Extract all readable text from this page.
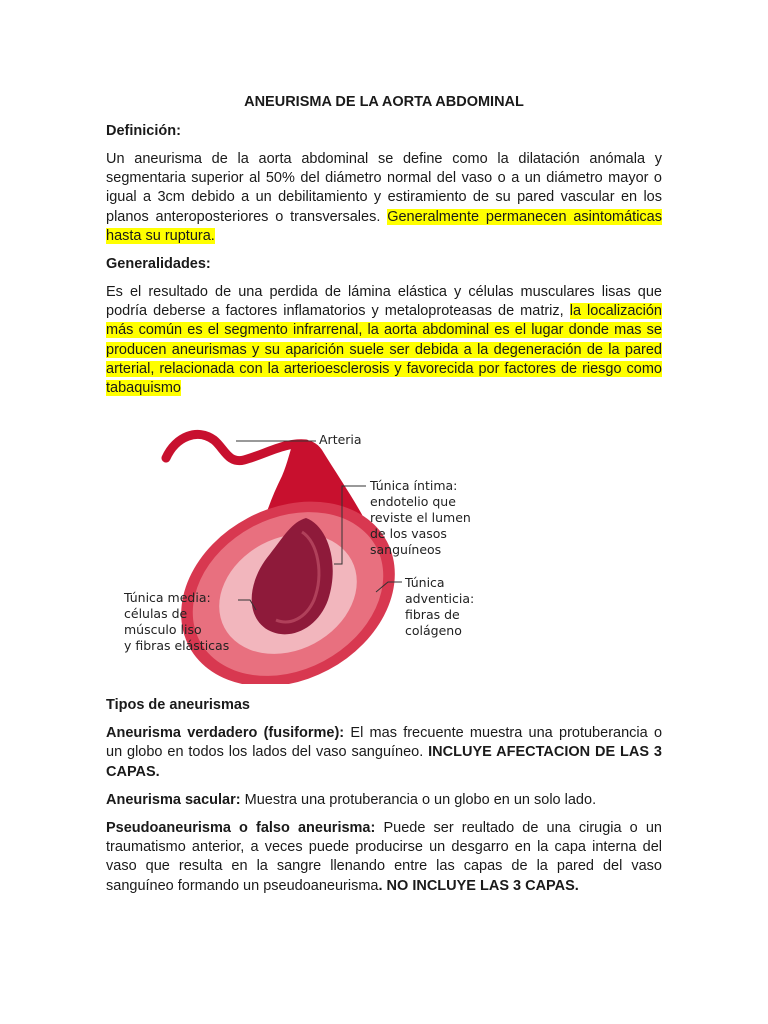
ANEURISMA DE LA AORTA ABDOMINAL
Definición:

Un aneurisma de la aorta abdominal se define como la dilatación anómala y segmentaria superior al 50% del diámetro normal del vaso o a un diámetro mayor o igual a 3cm debido a un debilitamiento y estiramiento de su pared vascular en los planos anteroposteriores o transversales. Generalmente permanecen asintomáticas hasta su ruptura.

Generalidades:

Es el resultado de una perdida de lámina elástica y células musculares lisas que podría deberse a factores inflamatorios y metaloproteasas de matriz, la localización más común es el segmento infrarrenal, la aorta abdominal es el lugar donde mas se producen aneurismas y su aparición suele ser debida a la degeneración de la pared arterial, relacionada con la arterioesclerosis y favorecida por factores de riesgo como tabaquismo

Arteria
Túnica íntima:
endotelio que
reviste el lumen
de los vasos
sanguíneos
Túnica media:
células de
músculo liso
y fibras elásticas
Túnica
adventicia:
fibras de
colágeno
Tipos de aneurismas

Aneurisma verdadero (fusiforme): El mas frecuente muestra una protuberancia o un globo en todos los lados del vaso sanguíneo. INCLUYE AFECTACION DE LAS 3 CAPAS.

Aneurisma sacular: Muestra una protuberancia o un globo en un solo lado.

Pseudoaneurisma o falso aneurisma: Puede ser reultado de una cirugia o un traumatismo anterior, a veces puede producirse un desgarro en la capa interna del vaso que resulta en la sangre llenando entre las capas de la pared del vaso sanguíneo formando un pseudoaneurisma. NO INCLUYE LAS 3 CAPAS.
